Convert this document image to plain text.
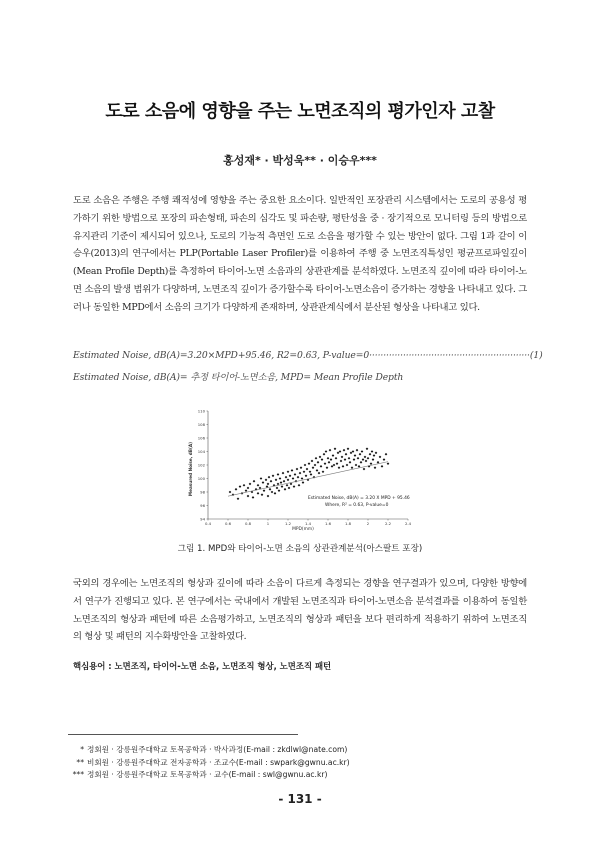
도로 소음에 영향을 주는 노면조직의 평가인자 고찰
홍성재* · 박성욱** · 이승우***

도로 소음은 주행은 주행 쾌적성에 영향을 주는 중요한 요소이다. 일반적인 포장관리 시스템에서는 도로의 공용성 평가하기 위한 방법으로 포장의 파손형태, 파손의 심각도 및 파손량, 평탄성을 중 · 장기적으로 모니터링 등의 방법으로 유지관리 기준이 제시되어 있으나, 도로의 기능적 측면인 도로 소음을 평가할 수 있는 방안이 없다. 그림 1과 같이 이승우(2013)의 연구에서는 PLP(Portable Laser Profiler)를 이용하여 주행 중 노면조직특성인 평균프로파일깊이(Mean Profile Depth)를 측정하여 타이어-노면 소음과의 상관관계를 분석하였다. 노면조직 깊이에 따라 타이어-노면 소음의 발생 범위가 다양하며, 노면조직 깊이가 증가할수록 타이어-노면소음이 증가하는 경향을 나타내고 있다. 그러나 동일한 MPD에서 소음의 크기가 다양하게 존재하며, 상관관계식에서 분산된 형상을 나타내고 있다.

Estimated Noise, dB(A)=3.20×MPD+95.46, R2=0.63, P-value=0·························································(1)
Estimated Noise, dB(A)= 추정 타이어-노면소음, MPD= Mean Profile Depth
0.4	0.6	0.8	1	1.2	1.4	1.6	1.8	2	2.2	2.4
94
96
98
100
102
104
106
108
110
Measured Noise, dB(A)
MPD(mm)
Estimated Noise, dB(A) = 3.20 X MPD + 95.46
Where, R² = 0.63, P-value=0
그림 1. MPD와 타이어-노면 소음의 상관관계분석(아스팔트 포장)

국외의 경우에는 노면조직의 형상과 깊이에 따라 소음이 다르게 측정되는 경향을 연구결과가 있으며, 다양한 방향에서 연구가 진행되고 있다. 본 연구에서는 국내에서 개발된 노면조직과 타이어-노면소음 분석결과를 이용하여 동일한 노면조직의 형상과 패턴에 따른 소음평가하고, 노면조직의 형상과 패턴을 보다 편리하게 적용하기 위하여 노면조직의 형상 및 패턴의 지수화방안을 고찰하였다.

핵심용어 : 노면조직, 타이어-노면 소음, 노면조직 형상, 노면조직 패턴
* 정회원 · 강릉원주대학교 토목공학과 · 박사과정(E-mail : zkdlwl@nate.com)
** 비회원 · 강릉원주대학교 전자공학과 · 조교수(E-mail : swpark@gwnu.ac.kr)
*** 정회원 · 강릉원주대학교 토목공학과 · 교수(E-mail : swl@gwnu.ac.kr)
- 131 -
